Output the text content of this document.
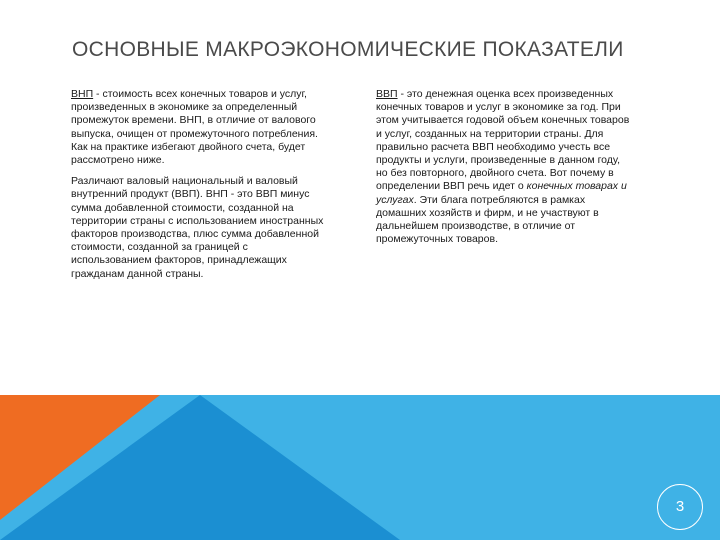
ОСНОВНЫЕ МАКРОЭКОНОМИЧЕСКИЕ ПОКАЗАТЕЛИ

ВНП - стоимость всех конечных товаров и услуг, произведенных в экономике за определенный промежуток времени. ВНП, в отличие от валового выпуска, очищен от промежуточного потребления. Как на практике избегают двойного счета, будет рассмотрено ниже.

Различают валовый национальный и валовый внутренний продукт (ВВП). ВНП - это ВВП минус сумма добавленной стоимости, созданной на территории страны с использованием иностранных факторов производства, плюс сумма добавленной стоимости, созданной за границей с использованием факторов, принадлежащих гражданам данной страны.

ВВП - это денежная оценка всех произведенных конечных товаров и услуг в экономике за год. При этом учитывается годовой объем конечных товаров и услуг, созданных на территории страны. Для правильно расчета ВВП необходимо учесть все продукты и услуги, произведенные в данном году, но без повторного, двойного счета. Вот почему в определении ВВП речь идет о конечных товарах и услугах. Эти блага потребляются в рамках домашних хозяйств и фирм, и не участвуют в дальнейшем производстве, в отличие от промежуточных товаров.

3
